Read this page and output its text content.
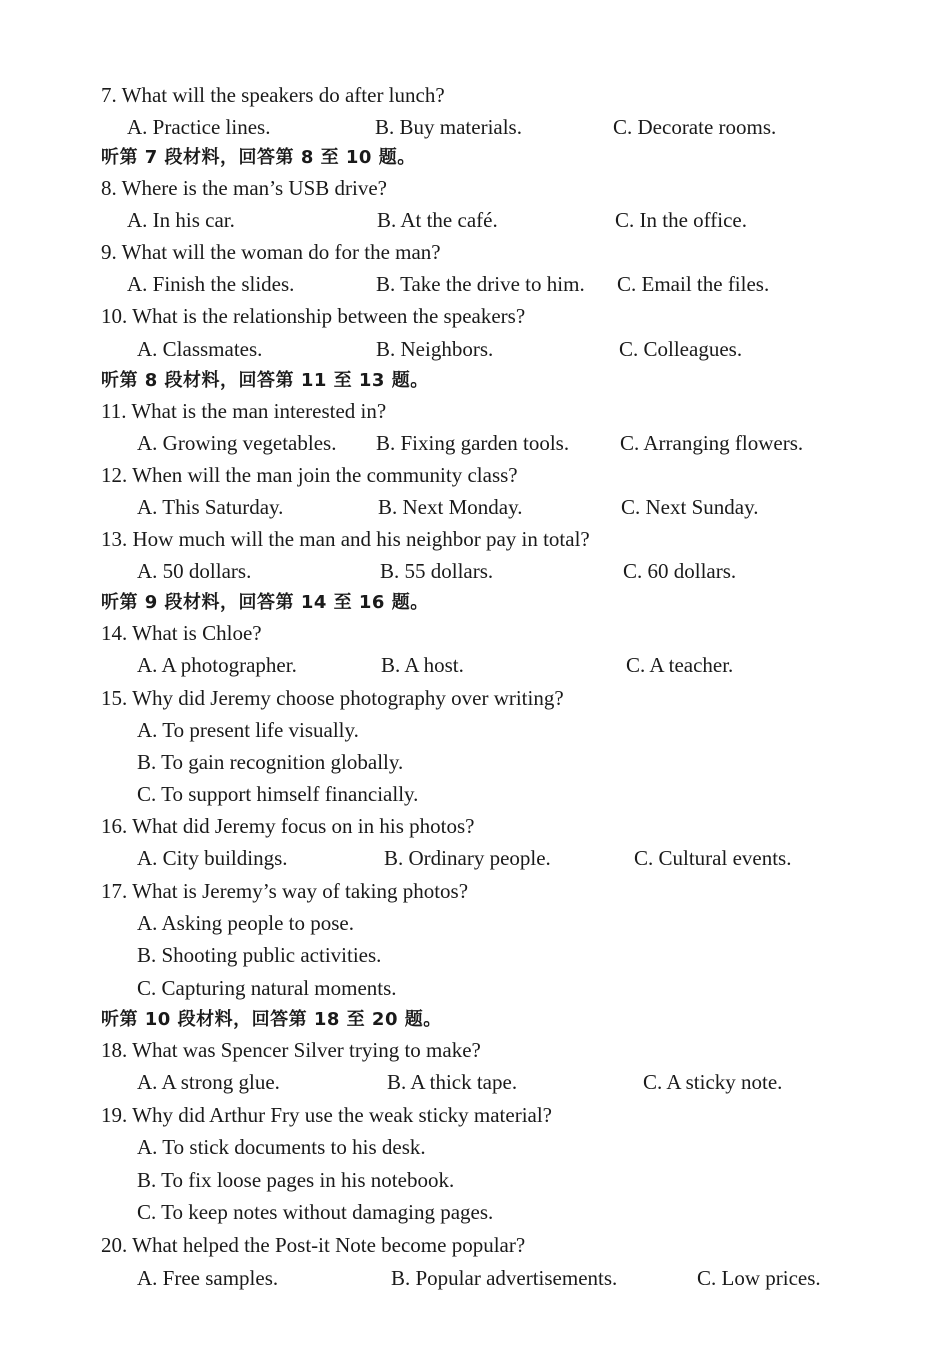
7. What will the speakers do after lunch?
A. Practice lines.	B. Buy materials.	C. Decorate rooms.
听第 7 段材料，回答第 8 至 10 题。
8. Where is the man’s USB drive?
A. In his car.	B. At the café.	C. In the office.
9. What will the woman do for the man?
A. Finish the slides.	B. Take the drive to him. C. Email the files.
10. What is the relationship between the speakers?
A. Classmates.	B. Neighbors.	C. Colleagues.
听第 8 段材料，回答第 11 至 13 题。
11. What is the man interested in?
A. Growing vegetables. B. Fixing garden tools. C. Arranging flowers.
12. When will the man join the community class?
A. This Saturday.	B. Next Monday.	C. Next Sunday.
13. How much will the man and his neighbor pay in total?
A. 50 dollars.	B. 55 dollars.	C. 60 dollars.
听第 9 段材料，回答第 14 至 16 题。
14. What is Chloe?
A. A photographer.	B. A host.	C. A teacher.
15. Why did Jeremy choose photography over writing?
A. To present life visually.
B. To gain recognition globally.
C. To support himself financially.
16. What did Jeremy focus on in his photos?
A. City buildings.	B. Ordinary people.	C. Cultural events.
17. What is Jeremy’s way of taking photos?
A. Asking people to pose.
B. Shooting public activities.
C. Capturing natural moments.
听第 10 段材料，回答第 18 至 20 题。
18. What was Spencer Silver trying to make?
A. A strong glue.	B. A thick tape.	C. A sticky note.
19. Why did Arthur Fry use the weak sticky material?
A. To stick documents to his desk.
B. To fix loose pages in his notebook.
C. To keep notes without damaging pages.
20. What helped the Post-it Note become popular?
A. Free samples.	B. Popular advertisements.	C. Low prices.
